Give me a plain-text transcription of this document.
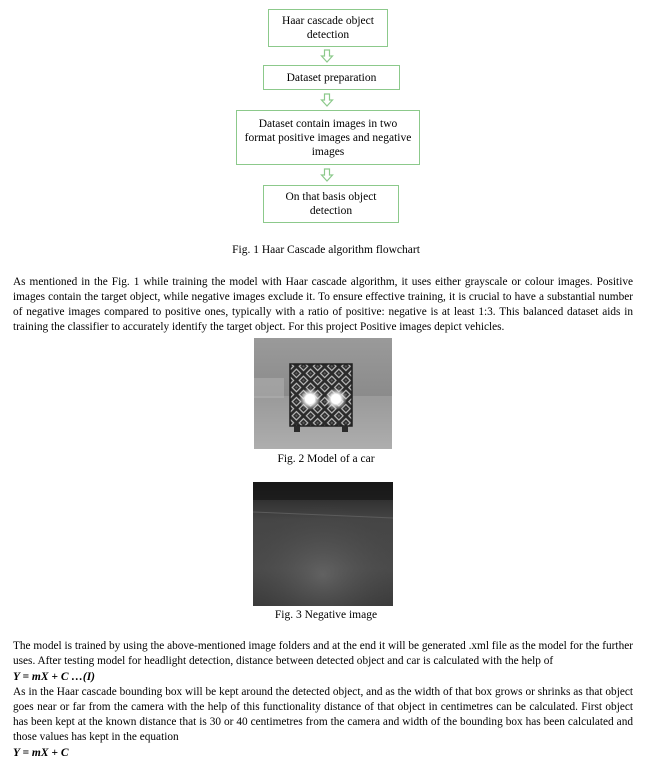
Haar cascade object detection
Dataset preparation
Dataset contain images in two format positive images and negative images
On that basis object detection
Fig. 1 Haar Cascade algorithm flowchart

As mentioned in the Fig. 1 while training the model with Haar cascade algorithm, it uses either grayscale or colour images. Positive images contain the target object, while negative images exclude it. To ensure effective training, it is crucial to have a substantial number of negative images compared to positive ones, typically with a ratio of positive: negative is at least 1:3. This balanced dataset aids in training the classifier to accurately identify the target object. For this project Positive images depict vehicles.

Fig. 2 Model of a car
Fig. 3 Negative image

The model is trained by using the above-mentioned image folders and at the end it will be generated .xml file as the model for the further uses. After testing model for headlight detection, distance between detected object and car is calculated with the help of

Y = mX + C …(I)

As in the Haar cascade bounding box will be kept around the detected object, and as the width of that box grows or shrinks as that object goes near or far from the camera with the help of this functionality distance of that object in centimetres can be calculated. First object has been kept at the known distance that is 30 or 40 centimetres from the camera and width of the bounding box has been calculated and those values has kept in the equation

Y = mX + C
